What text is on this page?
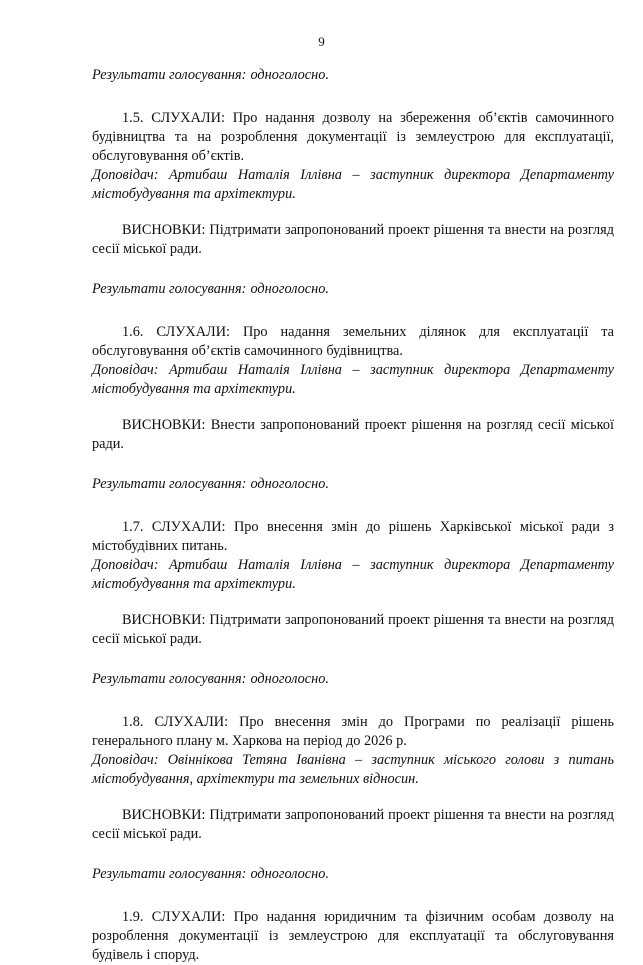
9

Результати голосування: одноголосно.

1.5. СЛУХАЛИ: Про надання дозволу на збереження об’єктів самочинного будівництва та на розроблення документації із землеустрою для експлуатації, обслуговування об’єктів.

Доповідач: Артибаш Наталія Іллівна – заступник директора Департаменту містобудування та архітектури.

ВИСНОВКИ: Підтримати запропонований проект рішення та внести на розгляд сесії міської ради.

Результати голосування: одноголосно.

1.6. СЛУХАЛИ: Про надання земельних ділянок для експлуатації та обслуговування об’єктів самочинного будівництва.

Доповідач: Артибаш Наталія Іллівна – заступник директора Департаменту містобудування та архітектури.

ВИСНОВКИ: Внести запропонований проект рішення на розгляд сесії міської ради.

Результати голосування: одноголосно.

1.7. СЛУХАЛИ: Про внесення змін до рішень Харківської міської ради з містобудівних питань.

Доповідач: Артибаш Наталія Іллівна – заступник директора Департаменту містобудування та архітектури.

ВИСНОВКИ: Підтримати запропонований проект рішення та внести на розгляд сесії міської ради.

Результати голосування: одноголосно.

1.8. СЛУХАЛИ: Про внесення змін до Програми по реалізації рішень генерального плану м. Харкова на період до 2026 р.

Доповідач: Овіннікова Тетяна Іванівна – заступник міського голови з питань містобудування, архітектури та земельних відносин.

ВИСНОВКИ: Підтримати запропонований проект рішення та внести на розгляд сесії міської ради.

Результати голосування: одноголосно.

1.9. СЛУХАЛИ: Про надання юридичним та фізичним особам дозволу на розроблення документації із землеустрою для експлуатації та обслуговування будівель і споруд.
